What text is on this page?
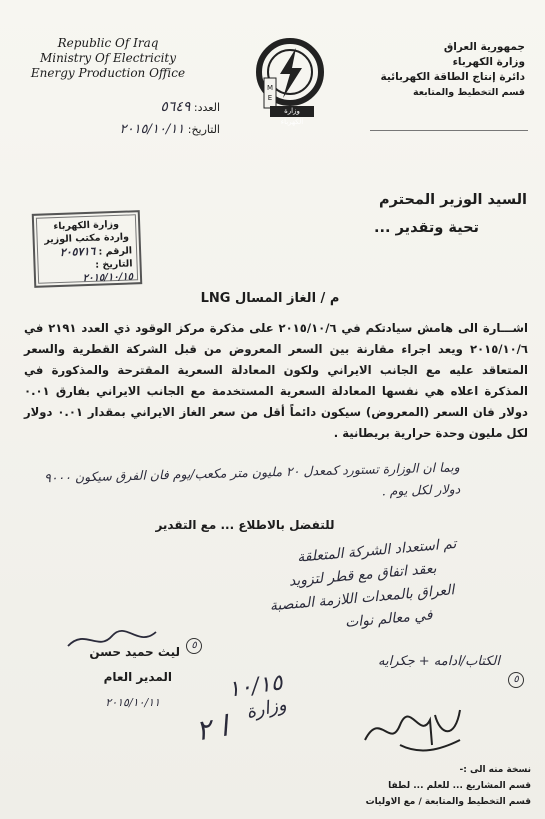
Republic Of Iraq
Ministry Of Electricity
Energy Production Office
M
E
وزارة الكهرباء
جمهورية العراق
وزارة الكهرباء
دائرة إنتاج الطاقة الكهربائية
قسم التخطيط والمتابعة
العدد: ٥٦٤٩
التاريخ: ٢٠١٥/١٠/١١
السيد الوزير المحترم
تحية وتقدير ...
وزارة الكهرباء
واردة مكتب الوزير
الرقم : ٢٠٥٧١٦
التاريخ : ٢٠١٥/١٠/١٥
م / الغاز المسال LNG
اشـــارة الى هامش سيادتكم في ٢٠١٥/١٠/٦ على مذكرة مركز الوقود ذي العدد ٢١٩١ في ٢٠١٥/١٠/٦ ويعد اجراء مقارنة بين السعر المعروض من قبل الشركة القطرية والسعر المتعاقد عليه مع الجانب الايراني ولكون المعادلة السعرية المقترحة والمذكورة في المذكرة اعلاه هي نفسها المعادلة السعرية المستخدمة مع الجانب الايراني بفارق ٠.٠١ دولار فان السعر (المعروض) سيكون دائماً أقل من سعر الغاز الايراني بمقدار ٠.٠١ دولار لكل مليون وحدة حرارية بريطانية .
وبما ان الوزارة تستورد كمعدل ٢٠ مليون متر مكعب/يوم فان الفرق سيكون ٩٠٠٠ دولار لكل يوم .
للتفضل بالاطلاع ... مع التقدير
تم استعداد الشركة المتعلقة
بعقد اتفاق مع قطر لتزويد
العراق بالمعدات اللازمة المنصبة
في معالم نوات
٥
الكتاب/ادامه + جكرايه
٥
١٠/١٥
وزارة
ا ٢
ليث حميد حسن
المدير العام
٢٠١٥/١٠/١١
نسخة منه الى :-
قسم المشاريع ... للعلم ... لطفا
قسم التخطيط والمتابعة / مع الاوليات
